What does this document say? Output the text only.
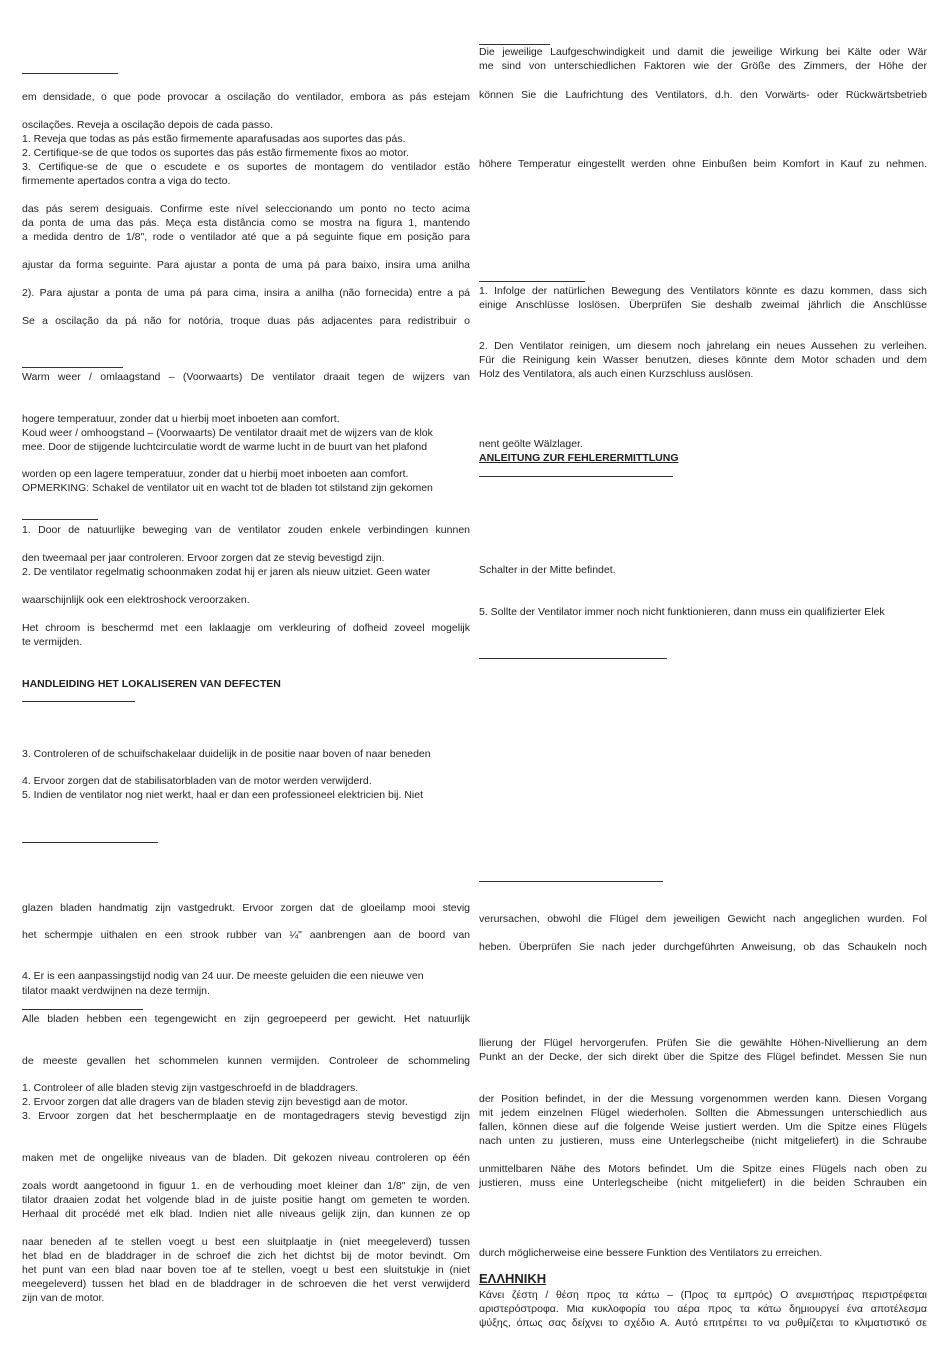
em densidade, o que pode provocar a oscilação do ventilador, embora as pás estejam
oscilações. Reveja a oscilação depois de cada passo.
1. Reveja que todas as pás estão firmemente aparafusadas aos suportes das pás.
2. Certifique-se de que todos os suportes das pás estão firmemente fixos ao motor.
3. Certifique-se de que o escudete e os suportes de montagem do ventilador estão
firmemente apertados contra a viga do tecto.
das pás serem desiguais. Confirme este nível seleccionando um ponto no tecto acima
da ponta de uma das pás. Meça esta distância como se mostra na figura 1, mantendo
a medida dentro de 1/8", rode o ventilador até que a pá seguinte fique em posição para
ajustar da forma seguinte. Para ajustar a ponta de uma pá para baixo, insira uma anilha
2). Para ajustar a ponta de uma pá para cima, insira a anilha (não fornecida) entre a pá
Se a oscilação da pá não for notória, troque duas pás adjacentes para redistribuir o
Warm weer / omlaagstand – (Voorwaarts) De ventilator draait tegen de wijzers van
hogere temperatuur, zonder dat u hierbij moet inboeten aan comfort.
Koud weer / omhoogstand – (Voorwaarts) De ventilator draait met de wijzers van de klok
mee. Door de stijgende luchtcirculatie wordt de warme lucht in de buurt van het plafond
worden op een lagere temperatuur, zonder dat u hierbij moet inboeten aan comfort.
OPMERKING: Schakel de ventilator uit en wacht tot de bladen tot stilstand zijn gekomen
1. Door de natuurlijke beweging van de ventilator zouden enkele verbindingen kunnen
den tweemaal per jaar controleren. Ervoor zorgen dat ze stevig bevestigd zijn.
2. De ventilator regelmatig schoonmaken zodat hij er jaren als nieuw uitziet. Geen water
waarschijnlijk ook een elektroshock veroorzaken.
Het chroom is beschermd met een laklaagje om verkleuring of dofheid zoveel mogelijk
te vermijden.
HANDLEIDING HET LOKALISEREN VAN DEFECTEN
3. Controleren of de schuifschakelaar duidelijk in de positie naar boven of naar beneden
4. Ervoor zorgen dat de stabilisatorbladen van de motor werden verwijderd.
5. Indien de ventilator nog niet werkt, haal er dan een professioneel elektricien bij. Niet
glazen bladen handmatig zijn vastgedrukt. Ervoor zorgen dat de gloeilamp mooi stevig
het schermpje uithalen en een strook rubber van ¼" aanbrengen aan de boord van
4. Er is een aanpassingstijd nodig van 24 uur. De meeste geluiden die een nieuwe ven
tilator maakt verdwijnen na deze termijn.
Alle bladen hebben een tegengewicht en zijn gegroepeerd per gewicht. Het natuurlijk
de meeste gevallen het schommelen kunnen vermijden. Controleer de schommeling
1. Controleer of alle bladen stevig zijn vastgeschroefd in de bladdragers.
2. Ervoor zorgen dat alle dragers van de bladen stevig zijn bevestigd aan de motor.
3. Ervoor zorgen dat het beschermplaatje en de montagedragers stevig bevestigd zijn
maken met de ongelijke niveaus van de bladen. Dit gekozen niveau controleren op één
zoals wordt aangetoond in figuur 1. en de verhouding moet kleiner dan 1/8" zijn, de ven
tilator draaien zodat het volgende blad in de juiste positie hangt om gemeten te worden.
Herhaal dit procédé met elk blad. Indien niet alle niveaus gelijk zijn, dan kunnen ze op
naar beneden af te stellen voegt u best een sluitplaatje in (niet meegeleverd) tussen
het blad en de bladdrager in de schroef die zich het dichtst bij de motor bevindt. Om
het punt van een blad naar boven toe af te stellen, voegt u best een sluitstukje in (niet
meegeleverd) tussen het blad en de bladdrager in de schroeven die het verst verwijderd
zijn van de motor.
Die jeweilige Laufgeschwindigkeit und damit die jeweilige Wirkung bei Kälte oder Wär
me sind von unterschiedlichen Faktoren wie der Größe des Zimmers, der Höhe der
können Sie die Laufrichtung des Ventilators, d.h. den Vorwärts- oder Rückwärtsbetrieb
höhere Temperatur eingestellt werden ohne Einbußen beim Komfort in Kauf zu nehmen.
1. Infolge der natürlichen Bewegung des Ventilators könnte es dazu kommen, dass sich
einige Anschlüsse loslösen. Überprüfen Sie deshalb zweimal jährlich die Anschlüsse
2. Den Ventilator reinigen, um diesem noch jahrelang ein neues Aussehen zu verleihen.
Für die Reinigung kein Wasser benutzen, dieses könnte dem Motor schaden und dem
Holz des Ventilatora, als auch einen Kurzschluss auslösen.
nent geölte Wälzlager.
ANLEITUNG ZUR FEHLERERMITTLUNG
Schalter in der Mitte befindet.
5. Sollte der Ventilator immer noch nicht funktionieren, dann muss ein qualifizierter Elek
verursachen, obwohl die Flügel dem jeweiligen Gewicht nach angeglichen wurden. Fol
heben. Überprüfen Sie nach jeder durchgeführten Anweisung, ob das Schaukeln noch
llierung der Flügel hervorgerufen. Prüfen Sie die gewählte Höhen-Nivellierung an dem
Punkt an der Decke, der sich direkt über die Spitze des Flügel befindet. Messen Sie nun
der Position befindet, in der die Messung vorgenommen werden kann. Diesen Vorgang
mit jedem einzelnen Flügel wiederholen. Sollten die Abmessungen unterschiedlich aus
fallen, können diese auf die folgende Weise justiert werden. Um die Spitze eines Flügels
nach unten zu justieren, muss eine Unterlegscheibe (nicht mitgeliefert) in die Schraube
unmittelbaren Nähe des Motors befindet. Um die Spitze eines Flügels nach oben zu
justieren, muss eine Unterlegscheibe (nicht mitgeliefert) in die beiden Schrauben ein
durch möglicherweise eine bessere Funktion des Ventilators zu erreichen.
ΕΛΛΗΝΙΚΗ
Κάνει ζέστη / θέση προς τα κάτω – (Προς τα εμπρός) Ο ανεμιστήρας περιστρέφεται
αριστερόστροφα. Μια κυκλοφορία του αέρα προς τα κάτω δημιουργεί ένα αποτέλεσμα
ψύξης, όπως σας δείχνει το σχέδιο Α. Αυτό επιτρέπει το να ρυθμίζεται το κλιματιστικό σε
